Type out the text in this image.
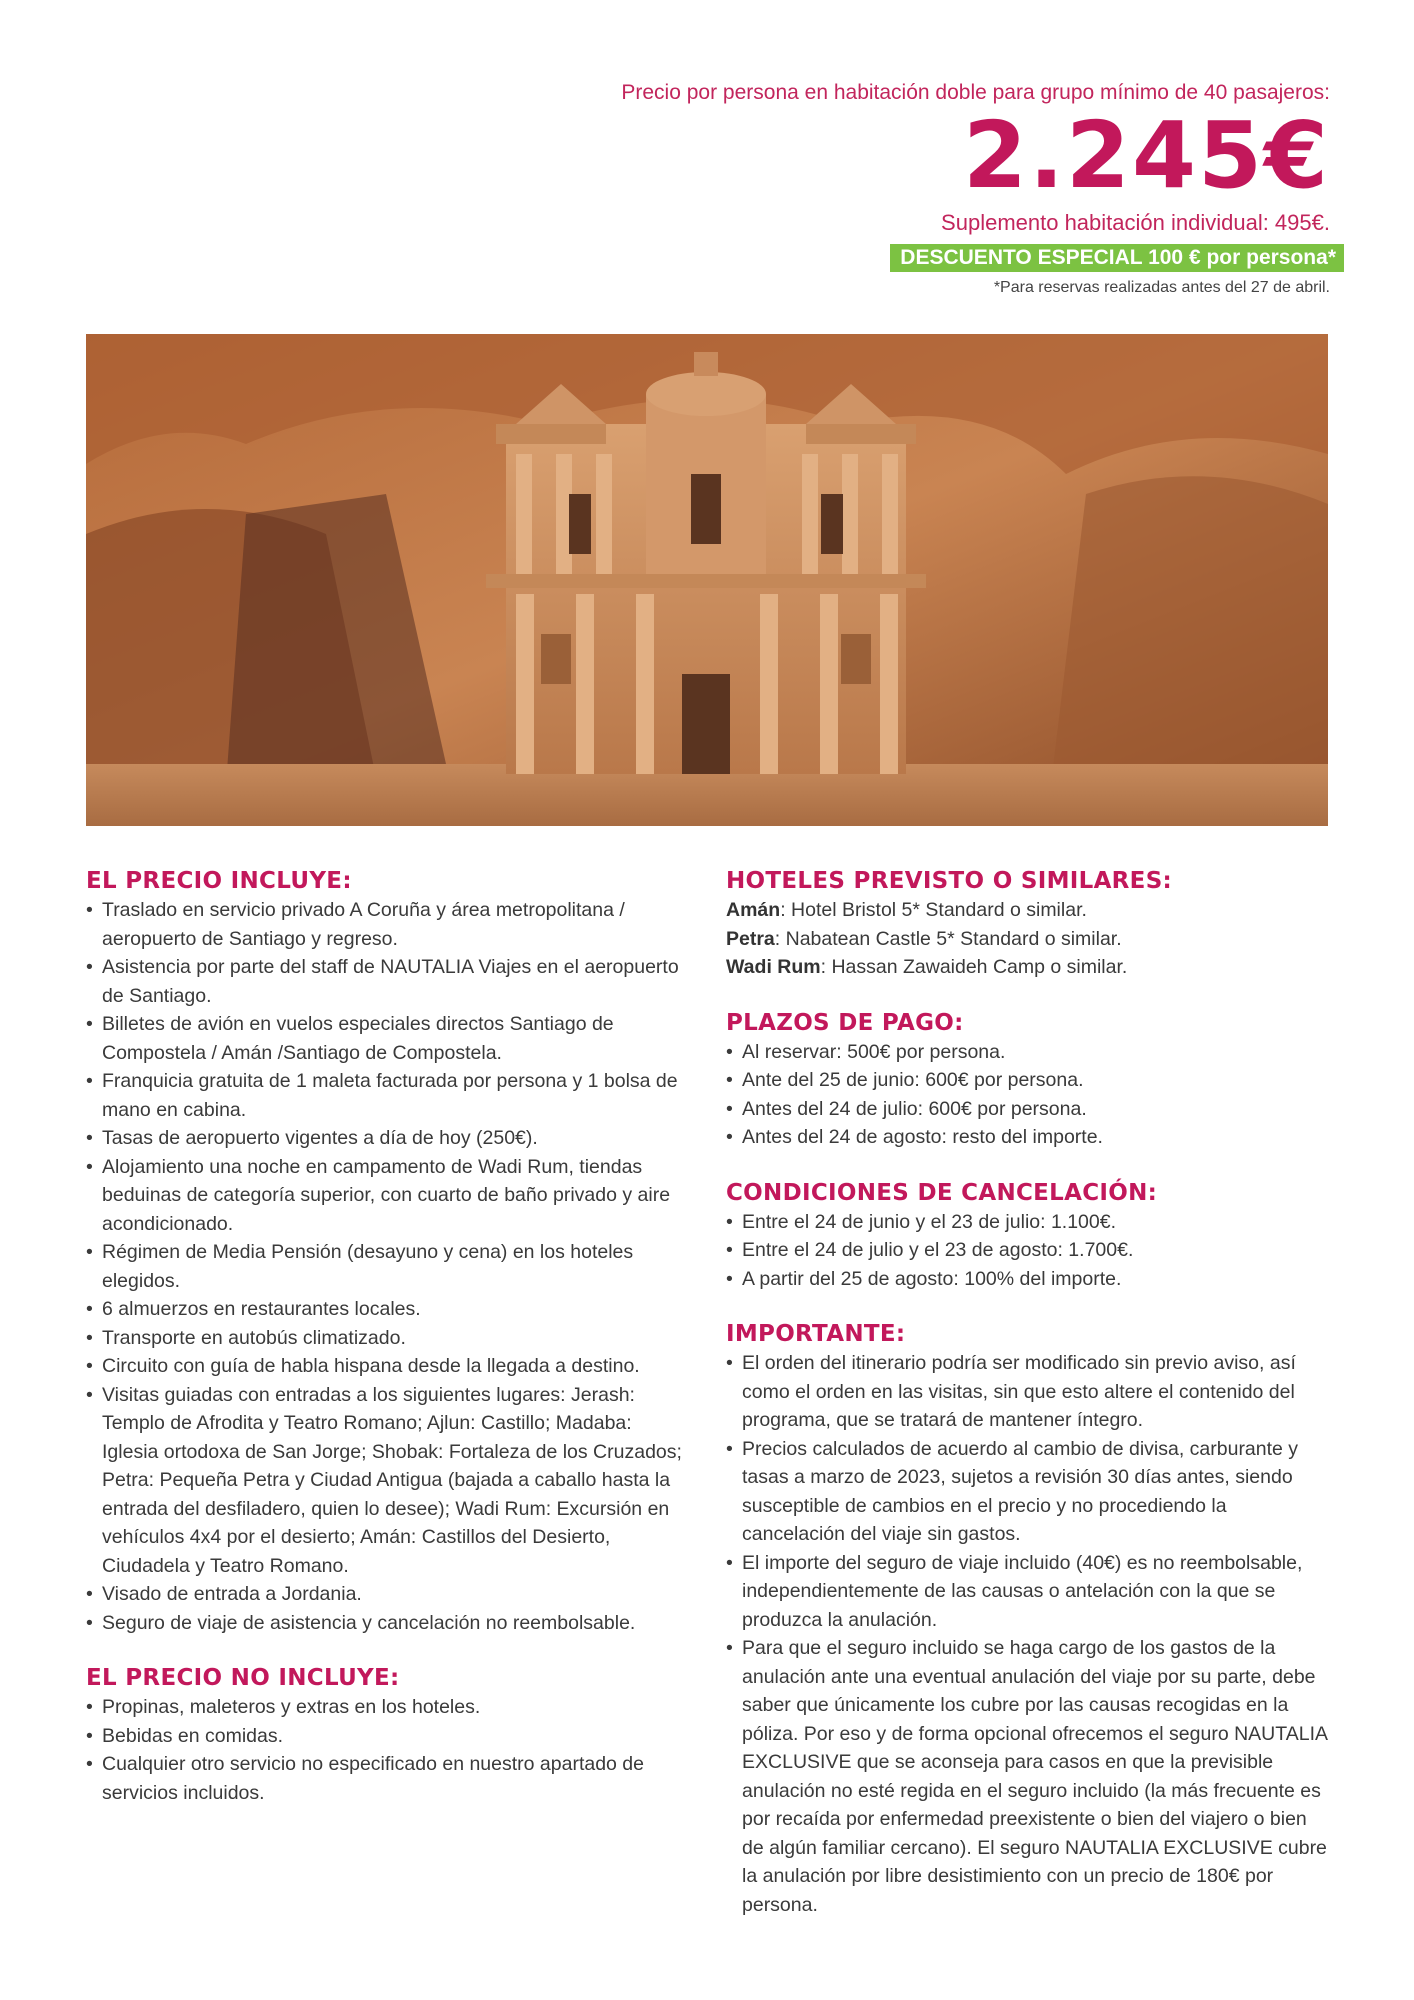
Precio por persona en habitación doble para grupo mínimo de 40 pasajeros:
2.245€
Suplemento habitación individual: 495€.
DESCUENTO ESPECIAL 100 € por persona*
*Para reservas realizadas antes del 27 de abril.
EL PRECIO INCLUYE:
• Traslado en servicio privado A Coruña y área metropolitana / aeropuerto de Santiago y regreso.
• Asistencia por parte del staff de NAUTALIA Viajes en el aeropuerto de Santiago.
• Billetes de avión en vuelos especiales directos Santiago de Compostela / Amán /Santiago de Compostela.
• Franquicia gratuita de 1 maleta facturada por persona y 1 bolsa de mano en cabina.
• Tasas de aeropuerto vigentes a día de hoy (250€).
• Alojamiento una noche en campamento de Wadi Rum, tiendas beduinas de categoría superior, con cuarto de baño privado y aire acondicionado.
• Régimen de Media Pensión (desayuno y cena) en los hoteles elegidos.
• 6 almuerzos en restaurantes locales.
• Transporte en autobús climatizado.
• Circuito con guía de habla hispana desde la llegada a destino.
• Visitas guiadas con entradas a los siguientes lugares: Jerash: Templo de Afrodita y Teatro Romano; Ajlun: Castillo; Madaba: Iglesia ortodoxa de San Jorge; Shobak: Fortaleza de los Cruzados; Petra: Pequeña Petra y Ciudad Antigua (bajada a caballo hasta la entrada del desfiladero, quien lo desee); Wadi Rum: Excursión en vehículos 4x4 por el desierto; Amán: Castillos del Desierto, Ciudadela y Teatro Romano.
• Visado de entrada a Jordania.
• Seguro de viaje de asistencia y cancelación no reembolsable.
EL PRECIO NO INCLUYE:
• Propinas, maleteros y extras en los hoteles.
• Bebidas en comidas.
• Cualquier otro servicio no especificado en nuestro apartado de servicios incluidos.
HOTELES PREVISTO O SIMILARES:
Amán: Hotel Bristol 5* Standard o similar.
Petra: Nabatean Castle 5* Standard o similar.
Wadi Rum: Hassan Zawaideh Camp o similar.
PLAZOS DE PAGO:
• Al reservar: 500€ por persona.
• Ante del 25 de junio: 600€ por persona.
• Antes del 24 de julio: 600€ por persona.
• Antes del 24 de agosto: resto del importe.
CONDICIONES DE CANCELACIÓN:
• Entre el 24 de junio y el 23 de julio: 1.100€.
• Entre el 24 de julio y el 23 de agosto: 1.700€.
• A partir del 25 de agosto: 100% del importe.
IMPORTANTE:
• El orden del itinerario podría ser modificado sin previo aviso, así como el orden en las visitas, sin que esto altere el contenido del programa, que se tratará de mantener íntegro.
• Precios calculados de acuerdo al cambio de divisa, carburante y tasas a marzo de 2023, sujetos a revisión 30 días antes, siendo susceptible de cambios en el precio y no procediendo la cancelación del viaje sin gastos.
• El importe del seguro de viaje incluido (40€) es no reembolsable, independientemente de las causas o antelación con la que se produzca la anulación.
• Para que el seguro incluido se haga cargo de los gastos de la anulación ante una eventual anulación del viaje por su parte, debe saber que únicamente los cubre por las causas recogidas en la póliza. Por eso y de forma opcional ofrecemos el seguro NAUTALIA EXCLUSIVE que se aconseja para casos en que la previsible anulación no esté regida en el seguro incluido (la más frecuente es por recaída por enfermedad preexistente o bien del viajero o bien de algún familiar cercano). El seguro NAUTALIA EXCLUSIVE cubre la anulación por libre desistimiento con un precio de 180€ por persona.
